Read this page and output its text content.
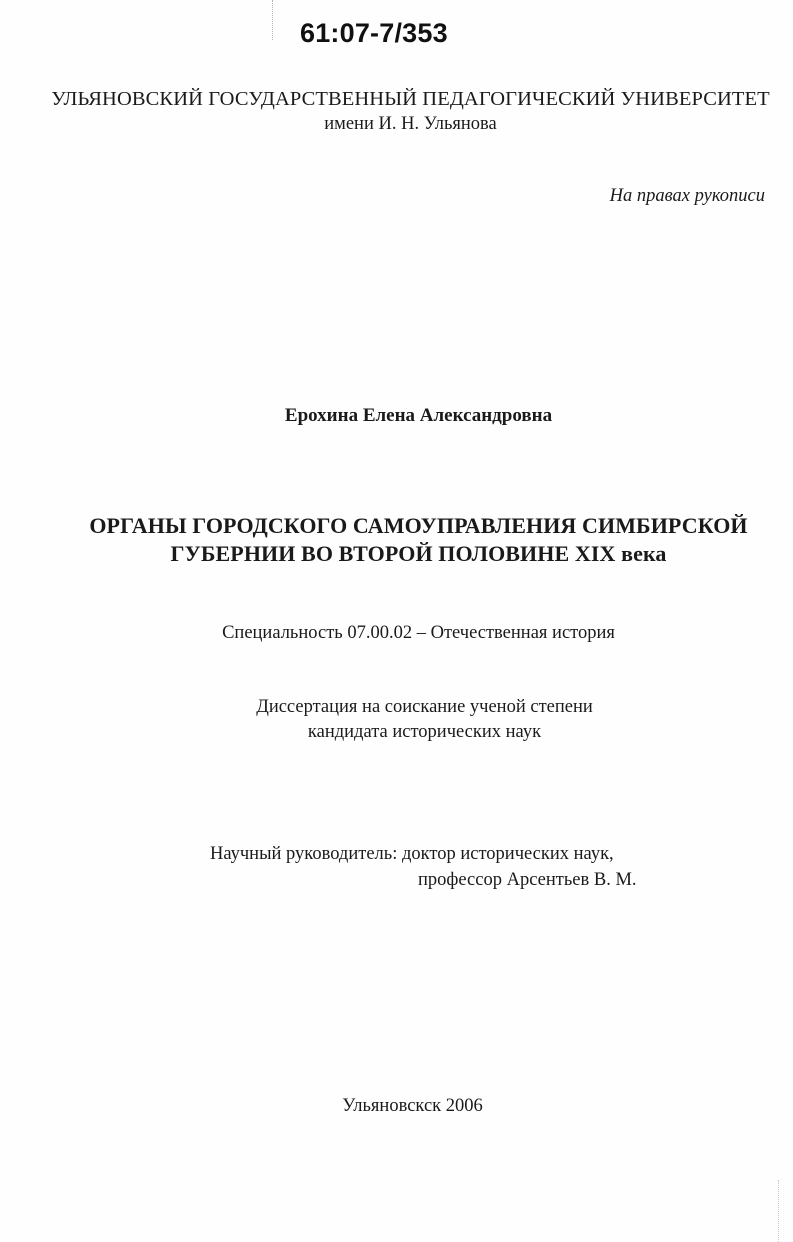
61:07-7/353
УЛЬЯНОВСКИЙ ГОСУДАРСТВЕННЫЙ ПЕДАГОГИЧЕСКИЙ УНИВЕРСИТЕТ
имени И. Н. Ульянова
На правах рукописи
Ерохина Елена Александровна
ОРГАНЫ ГОРОДСКОГО САМОУПРАВЛЕНИЯ СИМБИРСКОЙ
ГУБЕРНИИ ВО ВТОРОЙ ПОЛОВИНЕ XIX века
Специальность 07.00.02 – Отечественная история
Диссертация на соискание ученой степени
кандидата исторических наук
Научный руководитель: доктор исторических наук,
профессор Арсентьев В. М.
Ульяновскск 2006
